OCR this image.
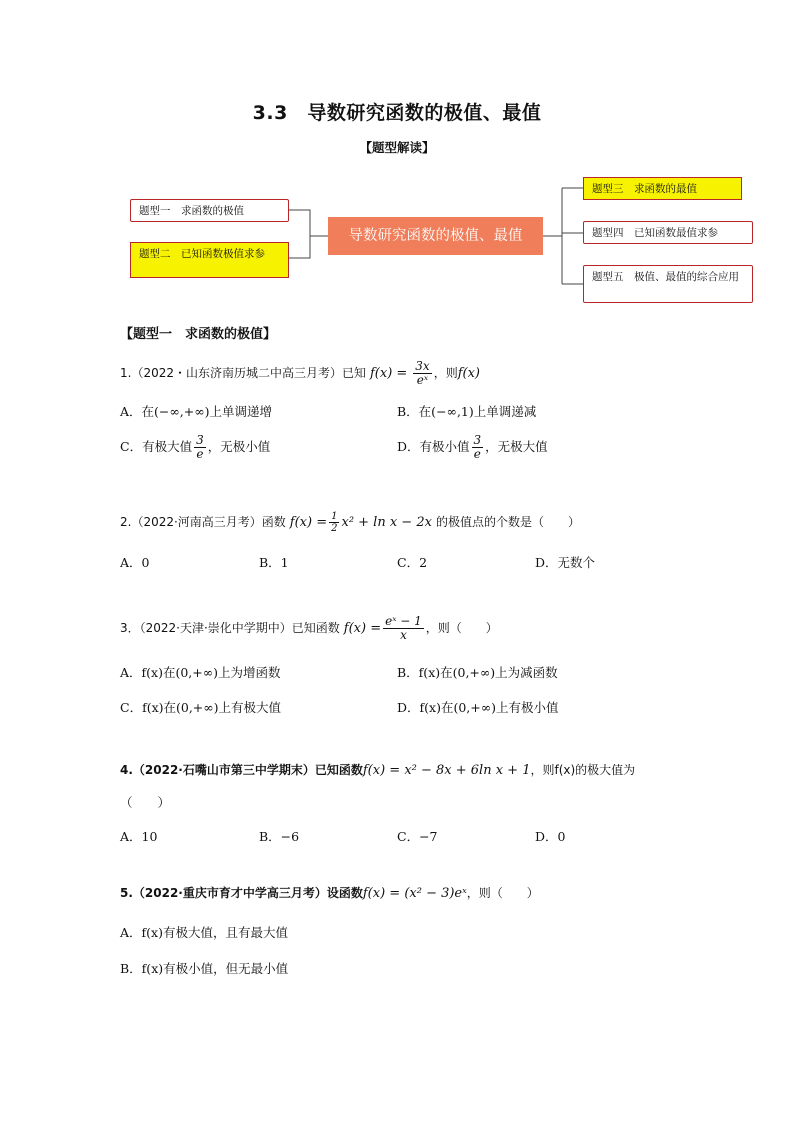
3.3　导数研究函数的极值、最值
【题型解读】
题型一　求函数的极值
题型二　已知函数极值求参
导数研究函数的极值、最值
题型三　求函数的最值
题型四　已知函数最值求参
题型五　极值、最值的综合应用
【题型一　求函数的极值】
1.（2022・山东济南历城二中高三月考）已知 $f(x) = \frac{3x}{\text{eˣ}}$ ，则f(x)
A．在(−∞,+∞)上单调递增	B．在(−∞,1)上单调递减
C．有极大值 $\frac{3}{e}$ ，无极小值	D．有极小值 $\frac{3}{e}$ ，无极大值
2.（2022·河南高三月考）函数 $f(x) = \frac{1}{2} x^2 + \ln x - 2x$ 的极值点的个数是（　　）
A．0	B．1	C．2	D．无数个
3．（2022·天津·崇化中学期中）已知函数 $f(x) = \frac{\text{eˣ − 1}}{x}$ ，则（　　）
A．f(x)在(0,+∞)上为增函数	B．f(x)在(0,+∞)上为减函数
C．f(x)在(0,+∞)上有极大值	D．f(x)在(0,+∞)上有极小值
4.（2022·石嘴山市第三中学期末）已知函数f(x) = x² − 8x + 6ln x + 1，则f(x)的极大值为
（　　）
A．10	B．−6	C．−7	D．0
5.（2022·重庆市育才中学高三月考）设函数f(x) = (x² − 3)eˣ，则（　　）
A．f(x)有极大值，且有最大值
B．f(x)有极小值，但无最小值
